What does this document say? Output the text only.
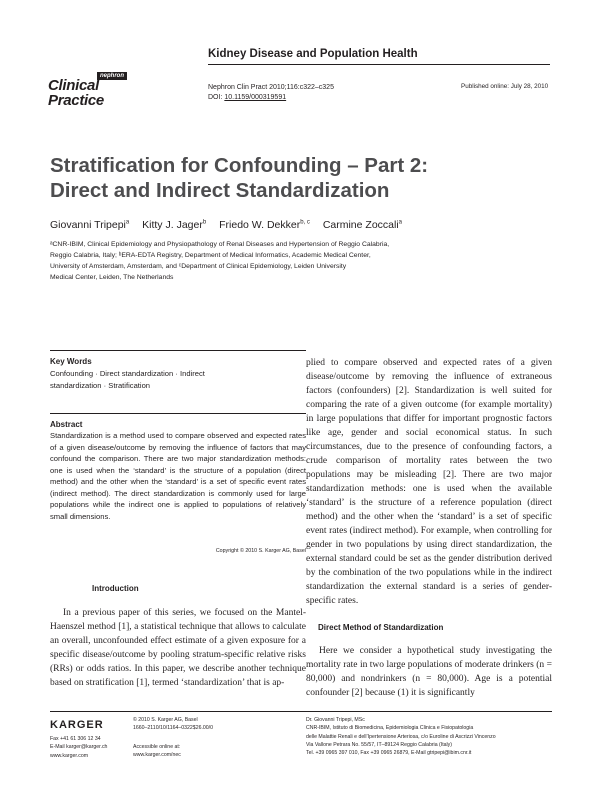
Kidney Disease and Population Health
nephron
Clinical
Practice
Nephron Clin Pract 2010;116:c322–c325
DOI: 10.1159/000319591
Published online: July 28, 2010
Stratification for Confounding – Part 2:
Direct and Indirect Standardization
Giovanni Tripepi$^a$ Kitty J. Jager$^b$ Friedo W. Dekker$^{b, c}$ Carmine Zoccali$^a$
ᵃCNR-IBIM, Clinical Epidemiology and Physiopathology of Renal Diseases and Hypertension of Reggio Calabria,
Reggio Calabria, Italy; ᵇERA-EDTA Registry, Department of Medical Informatics, Academic Medical Center,
University of Amsterdam, Amsterdam, and ᶜDepartment of Clinical Epidemiology, Leiden University
Medical Center, Leiden, The Netherlands
Key Words
Confounding · Direct standardization · Indirect
standardization · Stratification
Abstract
Standardization is a method used to compare observed and expected rates of a given disease/outcome by removing the influence of factors that may confound the comparison. There are two major standardization methods: one is used when the ‘standard’ is the structure of a population (direct method) and the other when the ‘standard’ is a set of specific event rates (indirect method). The direct standardization is commonly used for large populations while the indirect one is applied to populations of relatively small dimensions.
Copyright © 2010 S. Karger AG, Basel
Introduction
In a previous paper of this series, we focused on the Mantel-Haenszel method [1], a statistical technique that allows to calculate an overall, unconfounded effect estimate of a given exposure for a specific disease/outcome by pooling stratum-specific relative risks (RRs) or odds ratios. In this paper, we describe another technique based on stratification [1], termed ‘standardization’ that is ap-
plied to compare observed and expected rates of a given disease/outcome by removing the influence of extraneous factors (confounders) [2]. Standardization is well suited for comparing the rate of a given outcome (for example mortality) in large populations that differ for important prognostic factors like age, gender and social economical status. In such circumstances, due to the presence of confounding factors, a crude comparison of mortality rates between the two populations may be misleading [2]. There are two major standardization methods: one is used when the available ‘standard’ is the structure of a reference population (direct method) and the other when the ‘standard’ is a set of specific event rates (indirect method). For example, when controlling for gender in two populations by using direct standardization, the external standard could be set as the gender distribution derived by the combination of the two populations while in the indirect standardization the external standard is a series of gender-specific rates.
Direct Method of Standardization
Here we consider a hypothetical study investigating the mortality rate in two large populations of moderate drinkers (n = 80,000) and nondrinkers (n = 80,000). Age is a potential confounder [2] because (1) it is significantly
KARGER
Fax +41 61 306 12 34
E-Mail karger@karger.ch
www.karger.com
© 2010 S. Karger AG, Basel
1660–2110/10/1164–0322$26.00/0
Accessible online at:
www.karger.com/nec
Dr. Giovanni Tripepi, MSc
CNR-IBIM, Istituto di Biomedicina, Epidemiologia Clinica e Fisiopatologia
delle Malattie Renali e dell’Ipertensione Arteriosa, c/o Euroline di Ascrizzi Vincenzo
Via Vallone Petrara No. 55/57, IT–89124 Reggio Calabria (Italy)
Tel. +39 0965 397 010, Fax +39 0965 26879, E-Mail gtripepi@ibim.cnr.it
